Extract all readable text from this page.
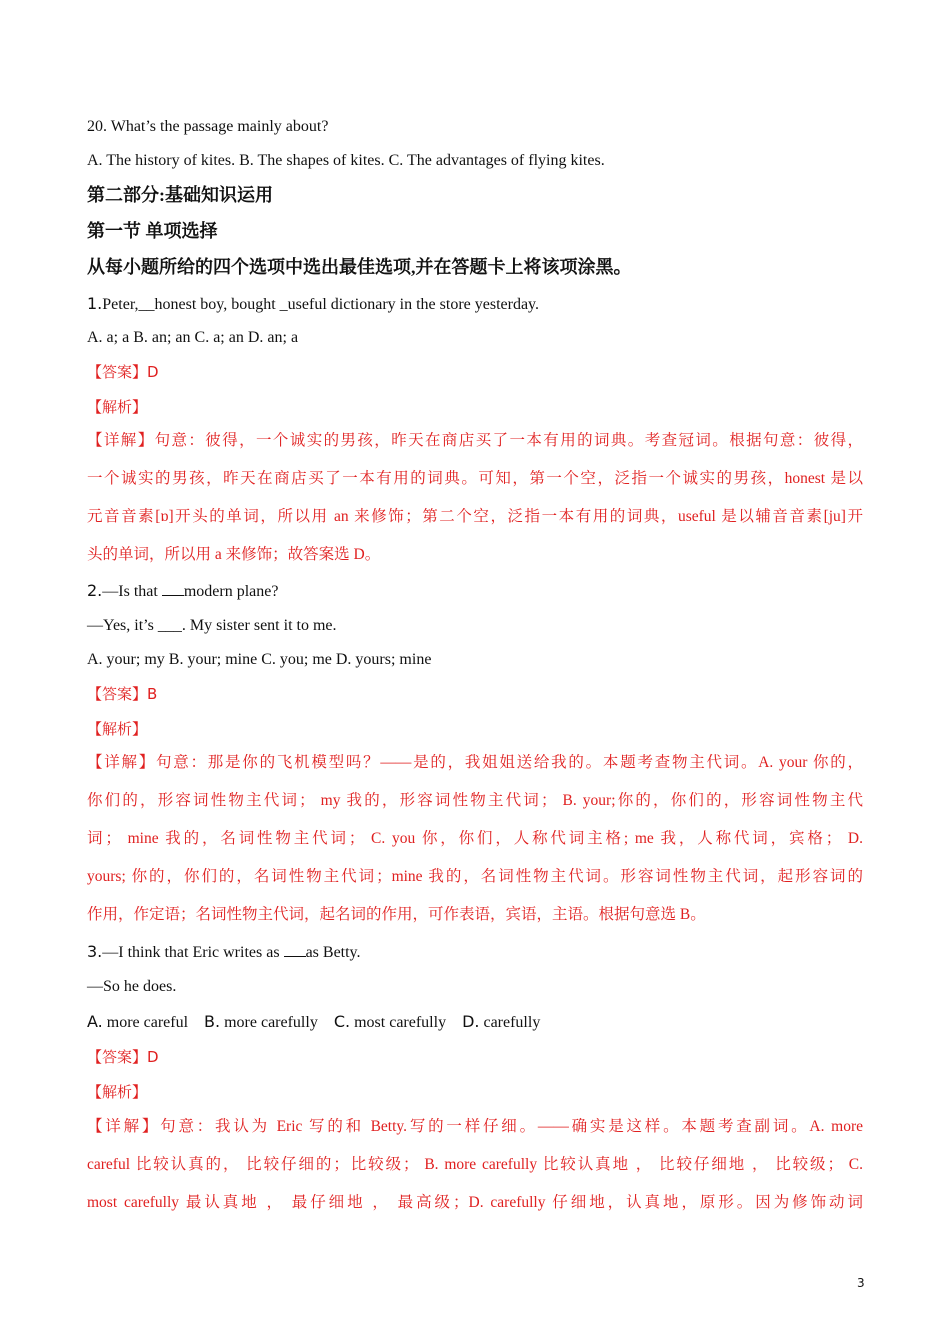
20. What’s the passage mainly about?
A. The history of kites. B. The shapes of kites. C. The advantages of flying kites.
第二部分:基础知识运用
第一节 单项选择
从每小题所给的四个选项中选出最佳选项,并在答题卡上将该项涂黑。
1.Peter,__honest boy, bought _useful dictionary in the store yesterday.
A. a; a B. an; an C. a; an D. an; a
【答案】D
【解析】
【详解】句意：彼得，一个诚实的男孩，昨天在商店买了一本有用的词典。考查冠词。根据句意：彼得，
一个诚实的男孩，昨天在商店买了一本有用的词典。可知，第一个空，泛指一个诚实的男孩，honest 是以
元音音素[ɒ]开头的单词，所以用 an 来修饰；第二个空，泛指一本有用的词典，useful 是以辅音音素[ju]开
头的单词，所以用 a 来修饰；故答案选 D。
2.—Is that modern plane?
—Yes, it’s ___. My sister sent it to me.
A. your; my B. your; mine C. you; me D. yours; mine
【答案】B
【解析】
【详解】句意：那是你的飞机模型吗？——是的，我姐姐送给我的。本题考查物主代词。A. your 你的，
你们的，形容词性物主代词； my 我的，形容词性物主代词； B. your;你的，你们的，形容词性物主代
词； mine 我的，名词性物主代词； C. you 你，你们，人称代词主格; me 我，人称代词，宾格； D.
yours; 你的，你们的，名词性物主代词；mine 我的，名词性物主代词。形容词性物主代词，起形容词的
作用，作定语；名词性物主代词，起名词的作用，可作表语，宾语，主语。根据句意选 B。
3.—I think that Eric writes as as Betty.
—So he does.
A. more careful B. more carefully C. most carefully D. carefully
【答案】D
【解析】
【详解】句意：我认为 Eric 写的和 Betty.写的一样仔细。——确实是这样。本题考查副词。A. more
careful 比较认真的， 比较仔细的；比较级； B. more carefully 比较认真地 ， 比较仔细地 ， 比较级； C.
most carefully 最认真地 ， 最仔细地 ， 最高级；D. carefully 仔细地，认真地，原形。因为修饰动词
3
